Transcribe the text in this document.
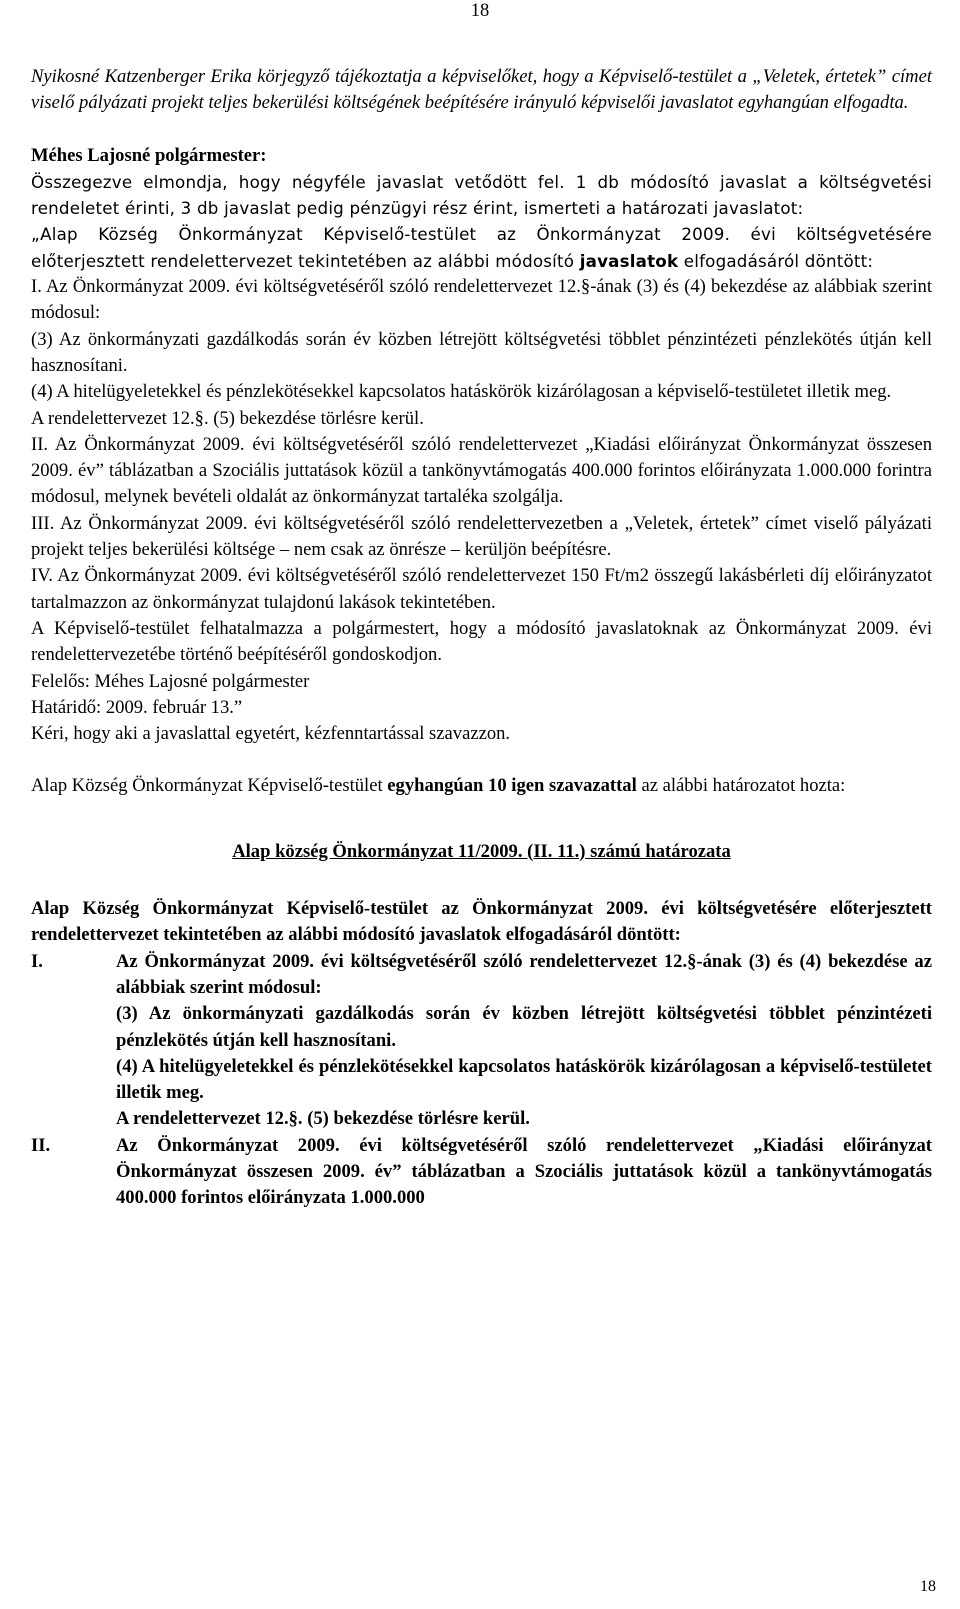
18

Nyikosné Katzenberger Erika körjegyző tájékoztatja a képviselőket, hogy a Képviselő-testület a „Veletek, értetek” címet viselő pályázati projekt teljes bekerülési költségének beépítésére irányuló képviselői javaslatot egyhangúan elfogadta.

Méhes Lajosné polgármester:

Összegezve elmondja, hogy négyféle javaslat vetődött fel. 1 db módosító javaslat a költségvetési rendeletet érinti, 3 db javaslat pedig pénzügyi rész érint, ismerteti a határozati javaslatot:

„Alap Község Önkormányzat Képviselő-testület az Önkormányzat 2009. évi költségvetésére előterjesztett rendelettervezet tekintetében az alábbi módosító javaslatok elfogadásáról döntött:

I. Az Önkormányzat 2009. évi költségvetéséről szóló rendelettervezet 12.§-ának (3) és (4) bekezdése az alábbiak szerint módosul:

(3) Az önkormányzati gazdálkodás során év közben létrejött költségvetési többlet pénzintézeti pénzlekötés útján kell hasznosítani.

(4) A hitelügyeletekkel és pénzlekötésekkel kapcsolatos hatáskörök kizárólagosan a képviselő-testületet illetik meg.

A rendelettervezet 12.§. (5) bekezdése törlésre kerül.

II. Az Önkormányzat 2009. évi költségvetéséről szóló rendelettervezet „Kiadási előirányzat Önkormányzat összesen 2009. év” táblázatban a Szociális juttatások közül a tankönyvtámogatás 400.000 forintos előirányzata 1.000.000 forintra módosul, melynek bevételi oldalát az önkormányzat tartaléka szolgálja.

III. Az Önkormányzat 2009. évi költségvetéséről szóló rendelettervezetben a „Veletek, értetek” címet viselő pályázati projekt teljes bekerülési költsége – nem csak az önrésze – kerüljön beépítésre.

IV. Az Önkormányzat 2009. évi költségvetéséről szóló rendelettervezet 150 Ft/m2 összegű lakásbérleti díj előirányzatot tartalmazzon az önkormányzat tulajdonú lakások tekintetében.

A Képviselő-testület felhatalmazza a polgármestert, hogy a módosító javaslatoknak az Önkormányzat 2009. évi rendelettervezetébe történő beépítéséről gondoskodjon.

Felelős: Méhes Lajosné polgármester

Határidő: 2009. február 13.”

Kéri, hogy aki a javaslattal egyetért, kézfenntartással szavazzon.

Alap Község Önkormányzat Képviselő-testület egyhangúan 10 igen szavazattal az alábbi határozatot hozta:

Alap község Önkormányzat 11/2009. (II. 11.) számú határozata

Alap Község Önkormányzat Képviselő-testület az Önkormányzat 2009. évi költségvetésére előterjesztett rendelettervezet tekintetében az alábbi módosító javaslatok elfogadásáról döntött:

I.	Az Önkormányzat 2009. évi költségvetéséről szóló rendelettervezet 12.§-ának (3) és (4) bekezdése az alábbiak szerint módosul:

(3) Az önkormányzati gazdálkodás során év közben létrejött költségvetési többlet pénzintézeti pénzlekötés útján kell hasznosítani.

(4) A hitelügyeletekkel és pénzlekötésekkel kapcsolatos hatáskörök kizárólagosan a képviselő-testületet illetik meg.

A rendelettervezet 12.§. (5) bekezdése törlésre kerül.

II.	Az Önkormányzat 2009. évi költségvetéséről szóló rendelettervezet „Kiadási előirányzat Önkormányzat összesen 2009. év” táblázatban a Szociális juttatások közül a tankönyvtámogatás 400.000 forintos előirányzata 1.000.000

18
